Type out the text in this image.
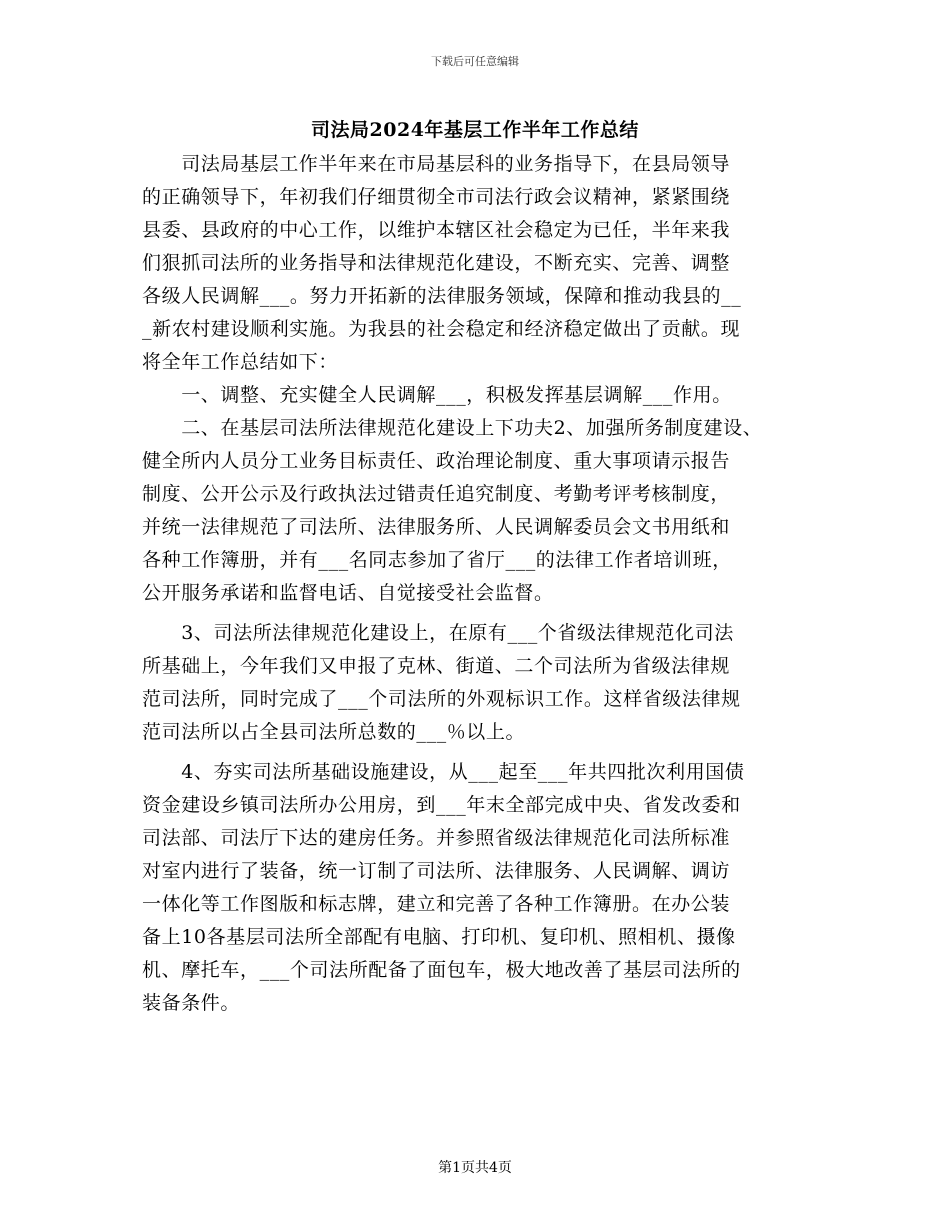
下载后可任意编辑
司法局2024年基层工作半年工作总结
　　司法局基层工作半年来在市局基层科的业务指导下，在县局领导
的正确领导下，年初我们仔细贯彻全市司法行政会议精神，紧紧围绕
县委、县政府的中心工作，以维护本辖区社会稳定为已任，半年来我
们狠抓司法所的业务指导和法律规范化建设，不断充实、完善、调整
各级人民调解___。努力开拓新的法律服务领域，保障和推动我县的__
_新农村建设顺利实施。为我县的社会稳定和经济稳定做出了贡献。现
将全年工作总结如下：
　　一、调整、充实健全人民调解___，积极发挥基层调解___作用。
　　二、在基层司法所法律规范化建设上下功夫2、加强所务制度建设、
健全所内人员分工业务目标责任、政治理论制度、重大事项请示报告
制度、公开公示及行政执法过错责任追究制度、考勤考评考核制度，
并统一法律规范了司法所、法律服务所、人民调解委员会文书用纸和
各种工作簿册，并有___名同志参加了省厅___的法律工作者培训班，
公开服务承诺和监督电话、自觉接受社会监督。
　　3、司法所法律规范化建设上，在原有___个省级法律规范化司法
所基础上，今年我们又申报了克林、街道、二个司法所为省级法律规
范司法所，同时完成了___个司法所的外观标识工作。这样省级法律规
范司法所以占全县司法所总数的___％以上。
　　4、夯实司法所基础设施建设，从___起至___年共四批次利用国债
资金建设乡镇司法所办公用房，到___年末全部完成中央、省发改委和
司法部、司法厅下达的建房任务。并参照省级法律规范化司法所标准
对室内进行了装备，统一订制了司法所、法律服务、人民调解、调访
一体化等工作图版和标志牌，建立和完善了各种工作簿册。在办公装
备上10各基层司法所全部配有电脑、打印机、复印机、照相机、摄像
机、摩托车，___个司法所配备了面包车，极大地改善了基层司法所的
装备条件。
第1页共4页
